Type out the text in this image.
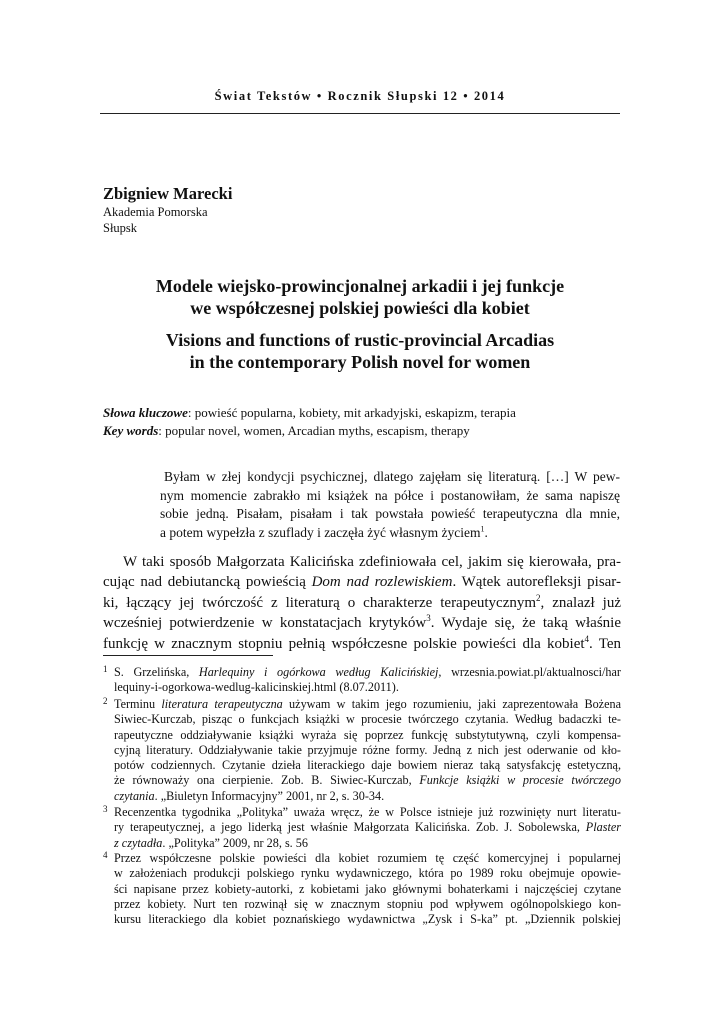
Świat Tekstów • Rocznik Słupski 12 • 2014
Zbigniew Marecki
Akademia Pomorska
Słupsk
Modele wiejsko-prowincjonalnej arkadii i jej funkcje
we współczesnej polskiej powieści dla kobiet
Visions and functions of rustic-provincial Arcadias
in the contemporary Polish novel for women
Słowa kluczowe: powieść popularna, kobiety, mit arkadyjski, eskapizm, terapia
Key words: popular novel, women, Arcadian myths, escapism, therapy
Byłam w złej kondycji psychicznej, dlatego zajęłam się literaturą. […] W pew-
nym momencie zabrakło mi książek na półce i postanowiłam, że sama napiszę
sobie jedną. Pisałam, pisałam i tak powstała powieść terapeutyczna dla mnie,
a potem wypełzła z szuflady i zaczęła żyć własnym życiem$^1$.
W taki sposób Małgorzata Kalicińska zdefiniowała cel, jakim się kierowała, pra-
cując nad debiutancką powieścią Dom nad rozlewiskiem. Wątek autorefleksji pisar-
ki, łączący jej twórczość z literaturą o charakterze terapeutycznym$^2$, znalazł już
wcześniej potwierdzenie w konstatacjach krytyków$^3$. Wydaje się, że taką właśnie
funkcję w znacznym stopniu pełnią współczesne polskie powieści dla kobiet$^4$. Ten
1 S. Grzelińska, Harlequiny i ogórkowa według Kalicińskiej, wrzesnia.powiat.pl/aktualnosci/har
lequiny-i-ogorkowa-wedlug-kalicinskiej.html (8.07.2011).
2 Terminu literatura terapeutyczna używam w takim jego rozumieniu, jaki zaprezentowała Bożena
Siwiec-Kurczab, pisząc o funkcjach książki w procesie twórczego czytania. Według badaczki te-
rapeutyczne oddziaływanie książki wyraża się poprzez funkcję substytutywną, czyli kompensa-
cyjną literatury. Oddziaływanie takie przyjmuje różne formy. Jedną z nich jest oderwanie od kło-
potów codziennych. Czytanie dzieła literackiego daje bowiem nieraz taką satysfakcję estetyczną,
że równoważy ona cierpienie. Zob. B. Siwiec-Kurczab, Funkcje książki w procesie twórczego
czytania. „Biuletyn Informacyjny” 2001, nr 2, s. 30-34.
3 Recenzentka tygodnika „Polityka” uważa wręcz, że w Polsce istnieje już rozwinięty nurt literatu-
ry terapeutycznej, a jego liderką jest właśnie Małgorzata Kalicińska. Zob. J. Sobolewska, Plaster
z czytadła. „Polityka” 2009, nr 28, s. 56
4 Przez współczesne polskie powieści dla kobiet rozumiem tę część komercyjnej i popularnej
w założeniach produkcji polskiego rynku wydawniczego, która po 1989 roku obejmuje opowie-
ści napisane przez kobiety-autorki, z kobietami jako głównymi bohaterkami i najczęściej czytane
przez kobiety. Nurt ten rozwinął się w znacznym stopniu pod wpływem ogólnopolskiego kon-
kursu literackiego dla kobiet poznańskiego wydawnictwa „Zysk i S-ka” pt. „Dziennik polskiej
